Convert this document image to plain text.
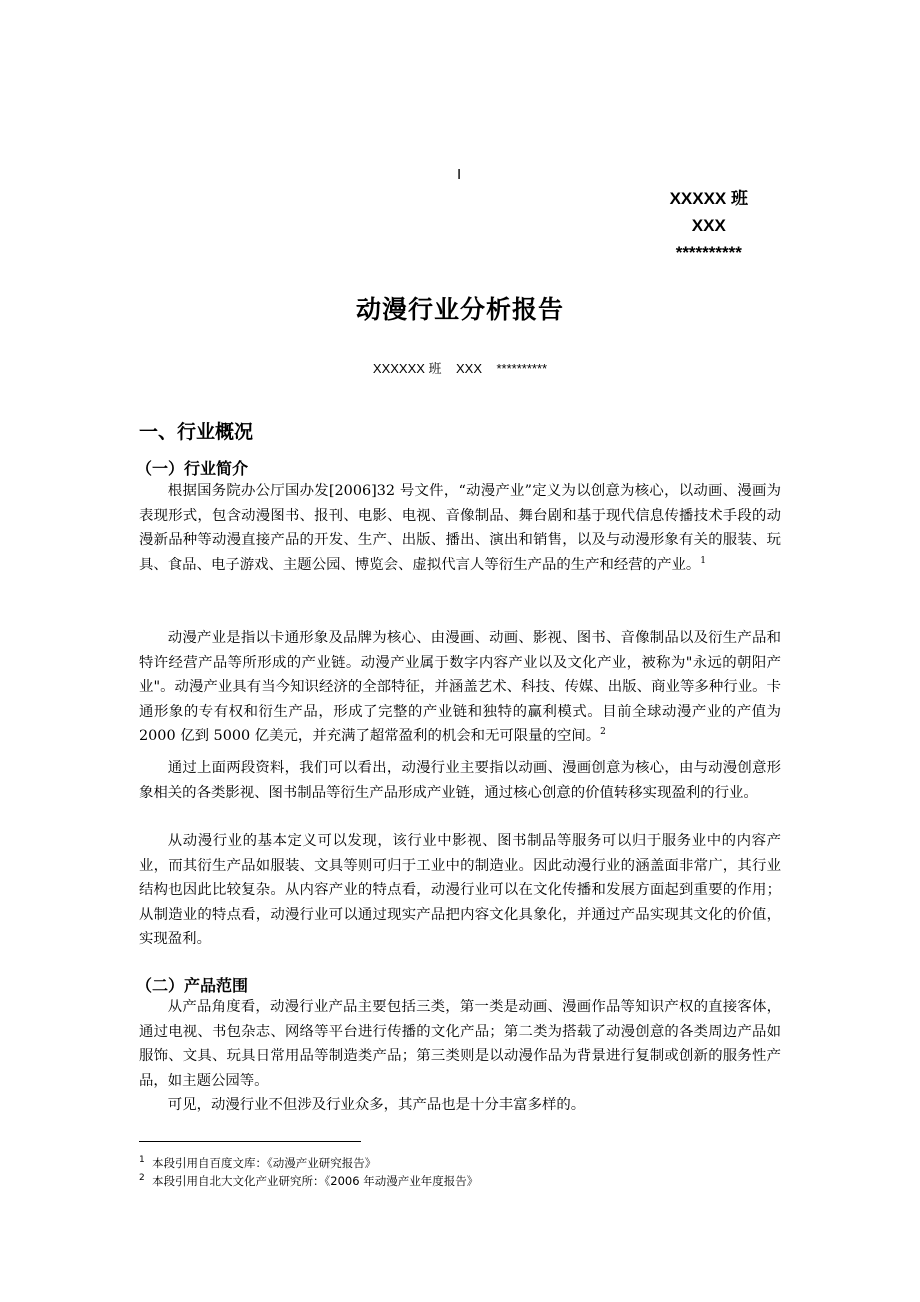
I
XXXXX 班
XXX
**********
动漫行业分析报告
XXXXXX 班    XXX    **********
一、行业概况
（一）行业简介
根据国务院办公厅国办发[2006]32 号文件，“动漫产业”定义为以创意为核心，以动画、漫画为表现形式，包含动漫图书、报刊、电影、电视、音像制品、舞台剧和基于现代信息传播技术手段的动漫新品种等动漫直接产品的开发、生产、出版、播出、演出和销售，以及与动漫形象有关的服装、玩具、食品、电子游戏、主题公园、博览会、虚拟代言人等衍生产品的生产和经营的产业。$^1$
动漫产业是指以卡通形象及品牌为核心、由漫画、动画、影视、图书、音像制品以及衍生产品和特许经营产品等所形成的产业链。动漫产业属于数字内容产业以及文化产业，被称为"永远的朝阳产业"。动漫产业具有当今知识经济的全部特征，并涵盖艺术、科技、传媒、出版、商业等多种行业。卡通形象的专有权和衍生产品，形成了完整的产业链和独特的赢利模式。目前全球动漫产业的产值为 2000 亿到 5000 亿美元，并充满了超常盈利的机会和无可限量的空间。$^2$
通过上面两段资料，我们可以看出，动漫行业主要指以动画、漫画创意为核心，由与动漫创意形象相关的各类影视、图书制品等衍生产品形成产业链，通过核心创意的价值转移实现盈利的行业。
从动漫行业的基本定义可以发现，该行业中影视、图书制品等服务可以归于服务业中的内容产业，而其衍生产品如服装、文具等则可归于工业中的制造业。因此动漫行业的涵盖面非常广，其行业结构也因此比较复杂。从内容产业的特点看，动漫行业可以在文化传播和发展方面起到重要的作用；从制造业的特点看，动漫行业可以通过现实产品把内容文化具象化，并通过产品实现其文化的价值，实现盈利。
（二）产品范围
从产品角度看，动漫行业产品主要包括三类，第一类是动画、漫画作品等知识产权的直接客体，通过电视、书包杂志、网络等平台进行传播的文化产品；第二类为搭载了动漫创意的各类周边产品如服饰、文具、玩具日常用品等制造类产品；第三类则是以动漫作品为背景进行复制或创新的服务性产品，如主题公园等。
可见，动漫行业不但涉及行业众多，其产品也是十分丰富多样的。
$^1$ 本段引用自百度文库：《动漫产业研究报告》
$^2$ 本段引用自北大文化产业研究所：《2006 年动漫产业年度报告》
